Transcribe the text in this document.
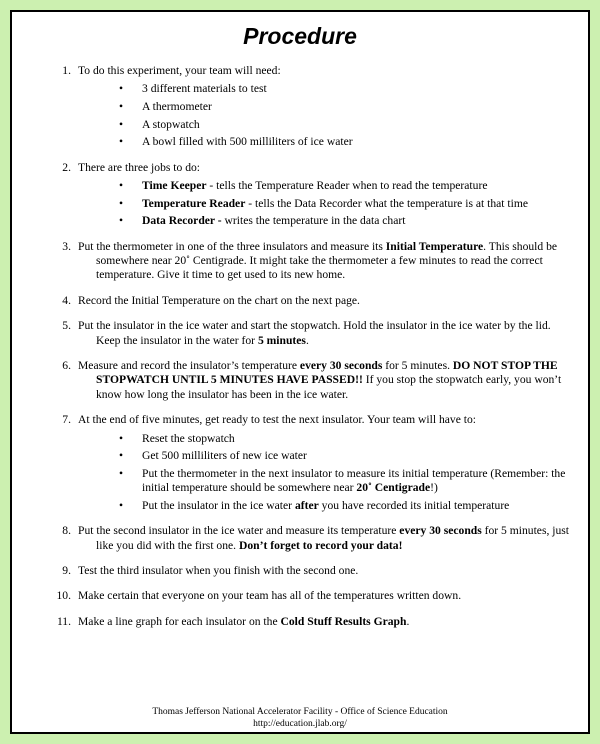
Procedure
1. To do this experiment, your team will need:
• 3 different materials to test
• A thermometer
• A stopwatch
• A bowl filled with 500 milliliters of ice water
2. There are three jobs to do:
• Time Keeper - tells the Temperature Reader when to read the temperature
• Temperature Reader - tells the Data Recorder what the temperature is at that time
• Data Recorder - writes the temperature in the data chart
3. Put the thermometer in one of the three insulators and measure its Initial Temperature. This should be somewhere near 20˚ Centigrade. It might take the thermometer a few minutes to read the correct temperature. Give it time to get used to its new home.
4. Record the Initial Temperature on the chart on the next page.
5. Put the insulator in the ice water and start the stopwatch. Hold the insulator in the ice water by the lid. Keep the insulator in the water for 5 minutes.
6. Measure and record the insulator’s temperature every 30 seconds for 5 minutes. DO NOT STOP THE STOPWATCH UNTIL 5 MINUTES HAVE PASSED!! If you stop the stopwatch early, you won’t know how long the insulator has been in the ice water.
7. At the end of five minutes, get ready to test the next insulator. Your team will have to:
• Reset the stopwatch
• Get 500 milliliters of new ice water
• Put the thermometer in the next insulator to measure its initial temperature (Remember: the initial temperature should be somewhere near 20˚ Centigrade!)
• Put the insulator in the ice water after you have recorded its initial temperature
8. Put the second insulator in the ice water and measure its temperature every 30 seconds for 5 minutes, just like you did with the first one. Don’t forget to record your data!
9. Test the third insulator when you finish with the second one.
10. Make certain that everyone on your team has all of the temperatures written down.
11. Make a line graph for each insulator on the Cold Stuff Results Graph.
Thomas Jefferson National Accelerator Facility - Office of Science Education
http://education.jlab.org/
